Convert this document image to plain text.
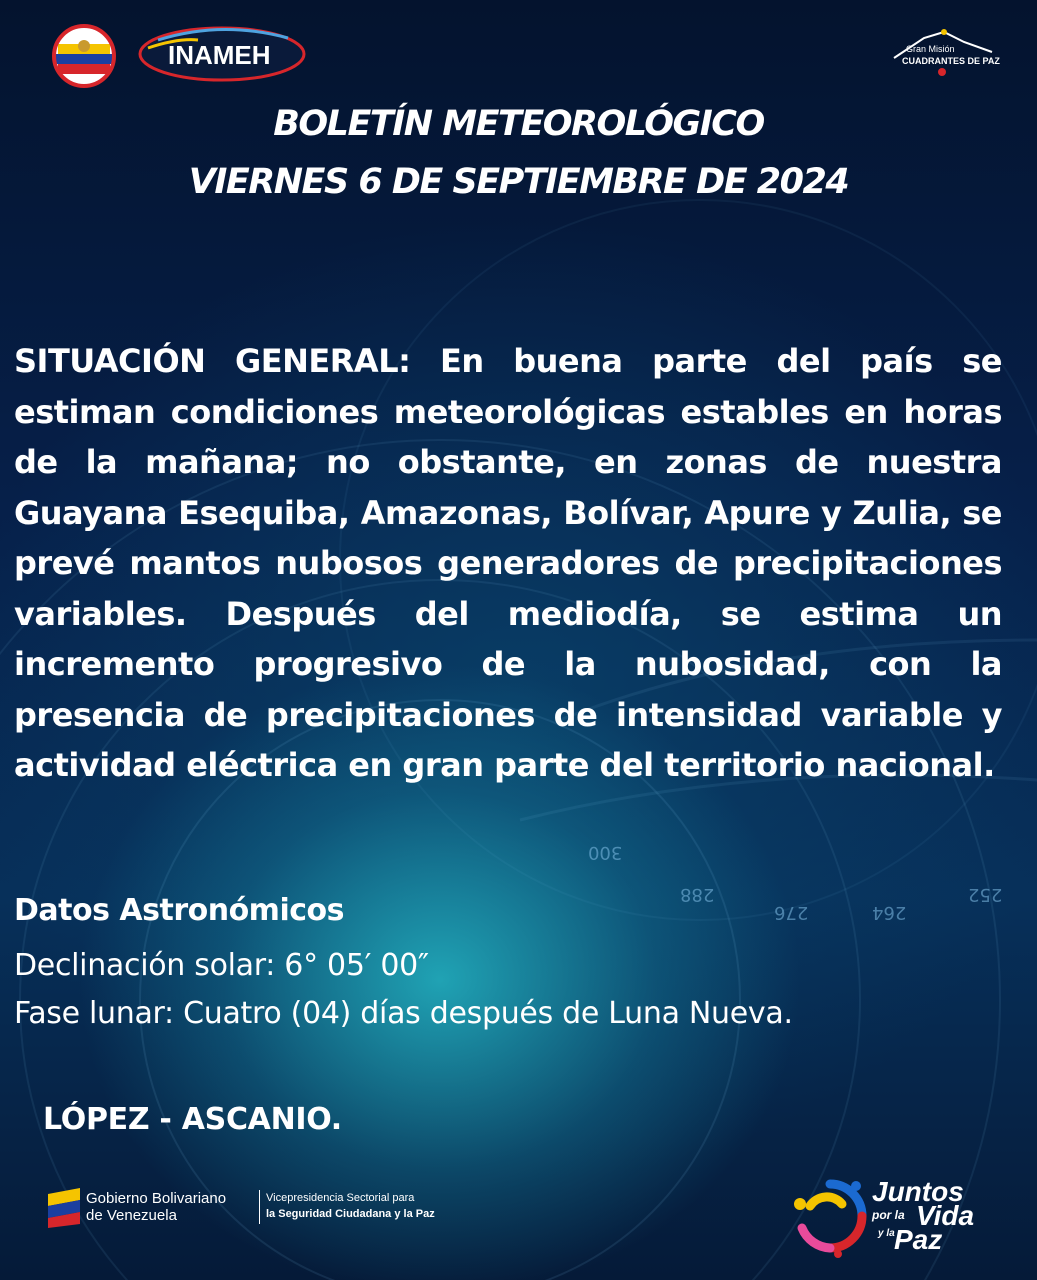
300
288
276	264
252
INAMEH	Gran Misión
CUADRANTES DE PAZ
BOLETÍN METEOROLÓGICO
VIERNES 6 DE SEPTIEMBRE DE 2024
SITUACIÓN GENERAL: En buena parte del país se estiman condiciones meteorológicas estables en horas de la mañana; no obstante, en zonas de nuestra Guayana Esequiba, Amazonas, Bolívar, Apure y Zulia, se prevé mantos nubosos generadores de precipitaciones variables. Después del mediodía, se estima un incremento progresivo de la nubosidad, con la presencia de precipitaciones de intensidad variable y actividad eléctrica en gran parte del territorio nacional.
Datos Astronómicos
Declinación solar: 6° 05′ 00″
Fase lunar: Cuatro (04) días después de Luna Nueva.
LÓPEZ - ASCANIO.
Gobierno Bolivariano
de Venezuela
Vicepresidencia Sectorial para
la Seguridad Ciudadana y la Paz
Juntos
por la Vida
y la Paz
